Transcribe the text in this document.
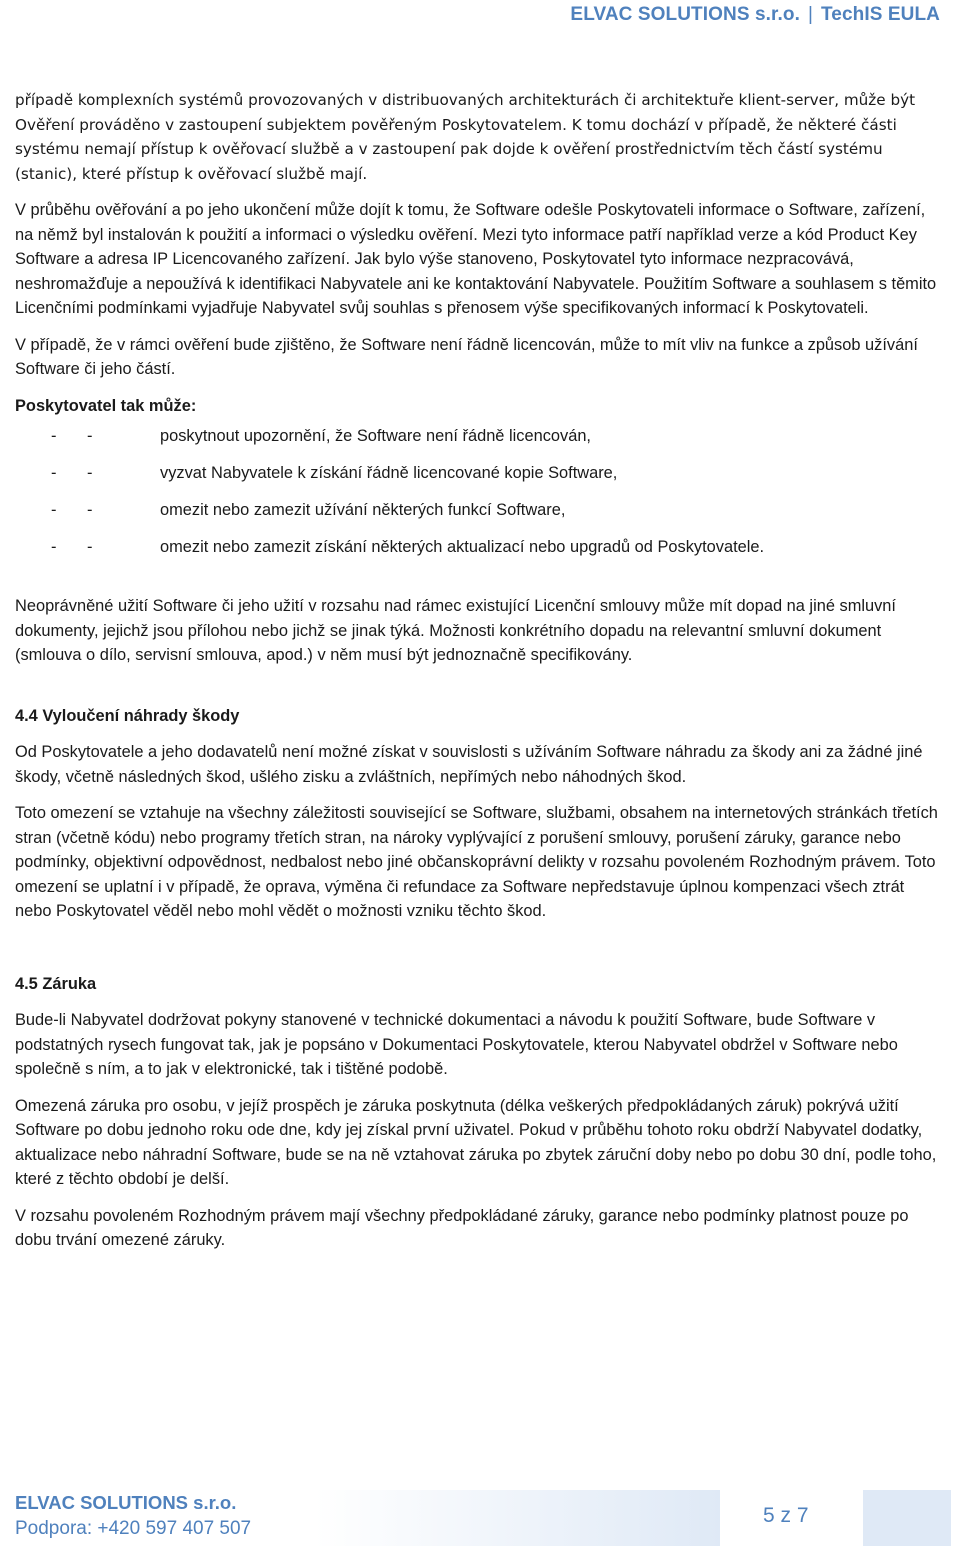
ELVAC SOLUTIONS s.r.o. | TechIS EULA

případě komplexních systémů provozovaných v distribuovaných architekturách či architektuře klient-server, může být Ověření prováděno v zastoupení subjektem pověřeným Poskytovatelem. K tomu dochází v případě, že některé části systému nemají přístup k ověřovací službě a v zastoupení pak dojde k ověření prostřednictvím těch částí systému (stanic), které přístup k ověřovací službě mají.

V průběhu ověřování a po jeho ukončení může dojít k tomu, že Software odešle Poskytovateli informace o Software, zařízení, na němž byl instalován k použití a informaci o výsledku ověření. Mezi tyto informace patří například verze a kód Product Key Software a adresa IP Licencovaného zařízení. Jak bylo výše stanoveno, Poskytovatel tyto informace nezpracovává, neshromažďuje a nepoužívá k identifikaci Nabyvatele ani ke kontaktování Nabyvatele. Použitím Software a souhlasem s těmito Licenčními podmínkami vyjadřuje Nabyvatel svůj souhlas s přenosem výše specifikovaných informací k Poskytovateli.

V případě, že v rámci ověření bude zjištěno, že Software není řádně licencován, může to mít vliv na funkce a způsob užívání Software či jeho částí.

Poskytovatel tak může:

- -	poskytnout upozornění, že Software není řádně licencován,
- -	vyzvat Nabyvatele k získání řádně licencované kopie Software,
- -	omezit nebo zamezit užívání některých funkcí Software,
- -	omezit nebo zamezit získání některých aktualizací nebo upgradů od Poskytovatele.

Neoprávněné užití Software či jeho užití v rozsahu nad rámec existující Licenční smlouvy může mít dopad na jiné smluvní dokumenty, jejichž jsou přílohou nebo jichž se jinak týká. Možnosti konkrétního dopadu na relevantní smluvní dokument (smlouva o dílo, servisní smlouva, apod.) v něm musí být jednoznačně specifikovány.

4.4 Vyloučení náhrady škody

Od Poskytovatele a jeho dodavatelů není možné získat v souvislosti s užíváním Software náhradu za škody ani za žádné jiné škody, včetně následných škod, ušlého zisku a zvláštních, nepřímých nebo náhodných škod.

Toto omezení se vztahuje na všechny záležitosti související se Software, službami, obsahem na internetových stránkách třetích stran (včetně kódu) nebo programy třetích stran, na nároky vyplývající z porušení smlouvy, porušení záruky, garance nebo podmínky, objektivní odpovědnost, nedbalost nebo jiné občanskoprávní delikty v rozsahu povoleném Rozhodným právem. Toto omezení se uplatní i v případě, že oprava, výměna či refundace za Software nepředstavuje úplnou kompenzaci všech ztrát nebo Poskytovatel věděl nebo mohl vědět o možnosti vzniku těchto škod.

4.5 Záruka

Bude-li Nabyvatel dodržovat pokyny stanovené v technické dokumentaci a návodu k použití Software, bude Software v podstatných rysech fungovat tak, jak je popsáno v Dokumentaci Poskytovatele, kterou Nabyvatel obdržel v Software nebo společně s ním, a to jak v elektronické, tak i tištěné podobě.

Omezená záruka pro osobu, v jejíž prospěch je záruka poskytnuta (délka veškerých předpokládaných záruk) pokrývá užití Software po dobu jednoho roku ode dne, kdy jej získal první uživatel. Pokud v průběhu tohoto roku obdrží Nabyvatel dodatky, aktualizace nebo náhradní Software, bude se na ně vztahovat záruka po zbytek záruční doby nebo po dobu 30 dní, podle toho, které z těchto období je delší.

V rozsahu povoleném Rozhodným právem mají všechny předpokládané záruky, garance nebo podmínky platnost pouze po dobu trvání omezené záruky.

ELVAC SOLUTIONS s.r.o.
Podpora: +420 597 407 507
5 z 7
